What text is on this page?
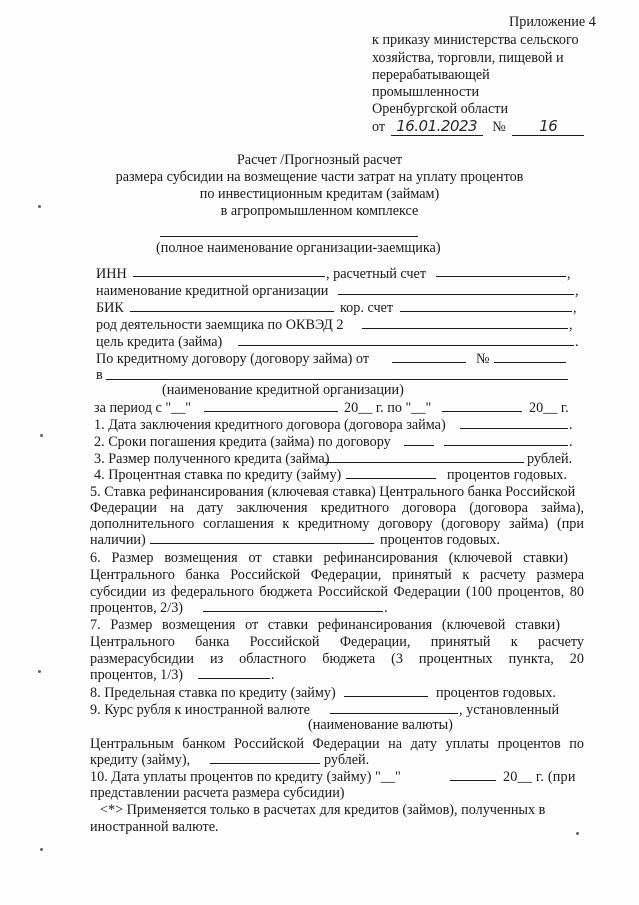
Приложение 4
к приказу министерства сельского
хозяйства, торговли, пищевой и
перерабатывающей
промышленности
Оренбургской области
от 16.01.2023 № 16
Расчет /Прогнозный расчет
размера субсидии на возмещение части затрат на уплату процентов
по инвестиционным кредитам (займам)
в агропромышленном комплексе
(полное наименование организации-заемщика)
ИНН	, расчетный счет	,
наименование кредитной организации	,
БИК	кор. счет	,
род деятельности заемщика по ОКВЭД 2	,
цель кредита (займа)	.
По кредитному договору (договору займа) от	№
в
(наименование кредитной организации)
за период с "__"	20__ г. по "__"	20__ г.
1. Дата заключения кредитного договора (договора займа)	.
2. Сроки погашения кредита (займа) по договору	.
3. Размер полученного кредита (займа)	рублей.
4. Процентная ставка по кредиту (займу)	процентов годовых.
5. Ставка рефинансирования (ключевая ставка) Центрального банка Российской
Федерации на дату заключения кредитного договора (договора займа),
дополнительного соглашения к кредитному договору (договору займа) (при
наличии)	процентов годовых.
6. Размер возмещения от ставки рефинансирования (ключевой ставки)
Центрального банка Российской Федерации, принятый к расчету размера
субсидии из федерального бюджета Российской Федерации (100 процентов, 80
процентов, 2/3)	.
7. Размер возмещения от ставки рефинансирования (ключевой ставки)
Центрального банка Российской Федерации, принятый к расчету
размерасубсидии из областного бюджета (3 процентных пункта, 20
процентов, 1/3)	.
8. Предельная ставка по кредиту (займу)	процентов годовых.
9. Курс рубля к иностранной валюте	, установленный
(наименование валюты)
Центральным банком Российской Федерации на дату уплаты процентов по
кредиту (займу),	рублей.
10. Дата уплаты процентов по кредиту (займу) "__"	20__ г. (при
представлении расчета размера субсидии)
<*> Применяется только в расчетах для кредитов (займов), полученных в
иностранной валюте.
